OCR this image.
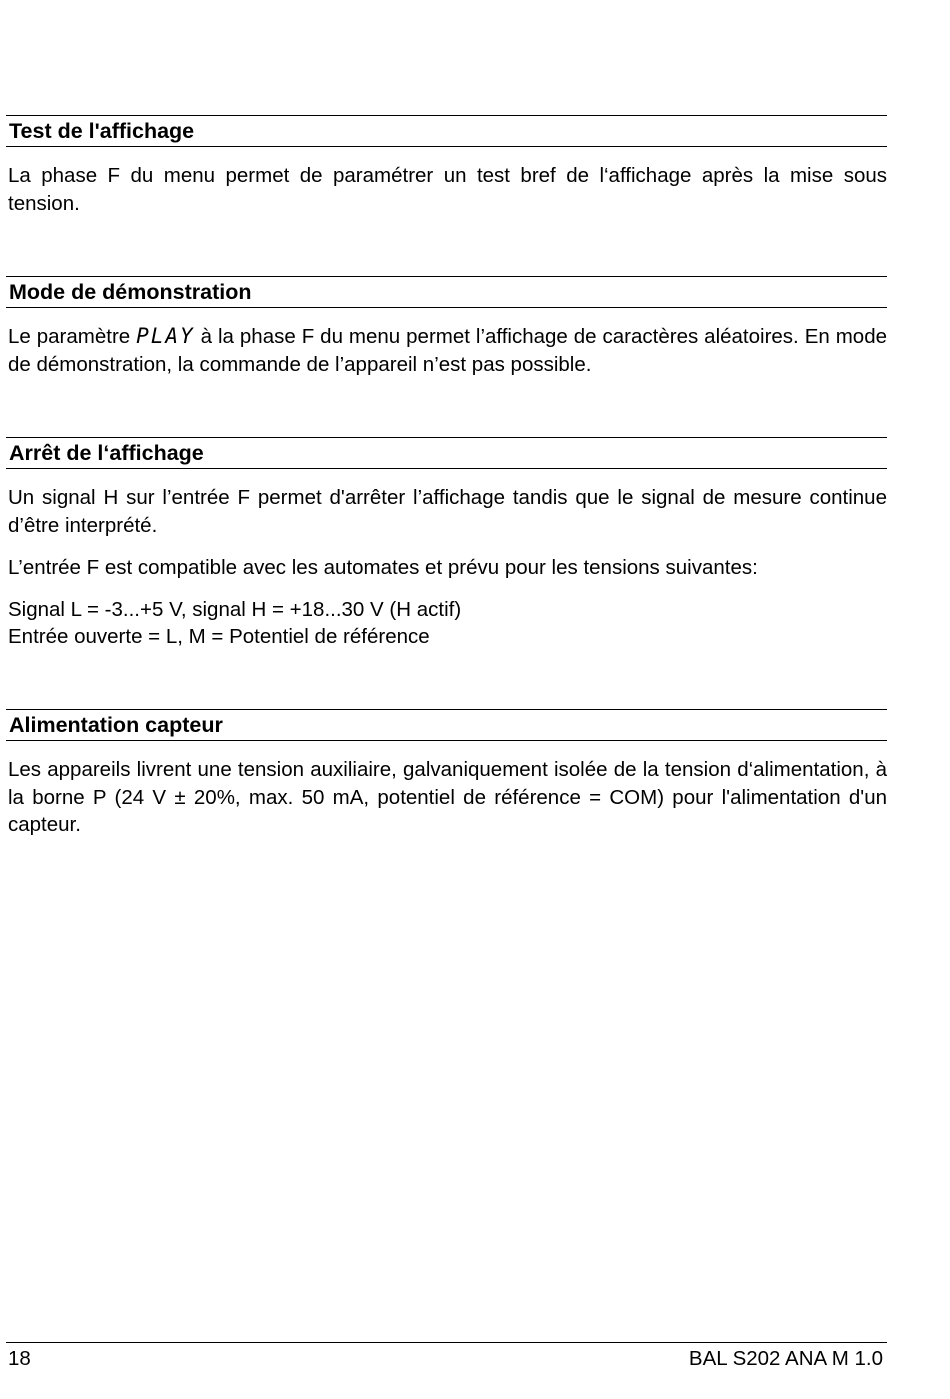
Test de l'affichage

La phase F du menu permet de paramétrer un test bref de l‘affichage après la mise sous tension.

Mode de démonstration

Le paramètre PLAY à la phase F du menu permet l’affichage de caractères aléatoires. En mode de démonstration, la commande de l’appareil n’est pas possible.

Arrêt de l‘affichage

Un signal H sur l’entrée F permet d'arrêter l’affichage tandis que le signal de mesure continue d’être interprété.

L’entrée F est compatible avec les automates et prévu pour les tensions suivantes:

Signal L = -3...+5 V, signal H = +18...30 V (H actif)

Entrée ouverte = L, M = Potentiel de référence

Alimentation capteur

Les appareils livrent une tension auxiliaire, galvaniquement isolée de la tension d‘alimentation, à la borne P (24 V ± 20%, max. 50 mA, potentiel de référence = COM) pour l'alimentation d'un capteur.

18	BAL S202 ANA M 1.0
